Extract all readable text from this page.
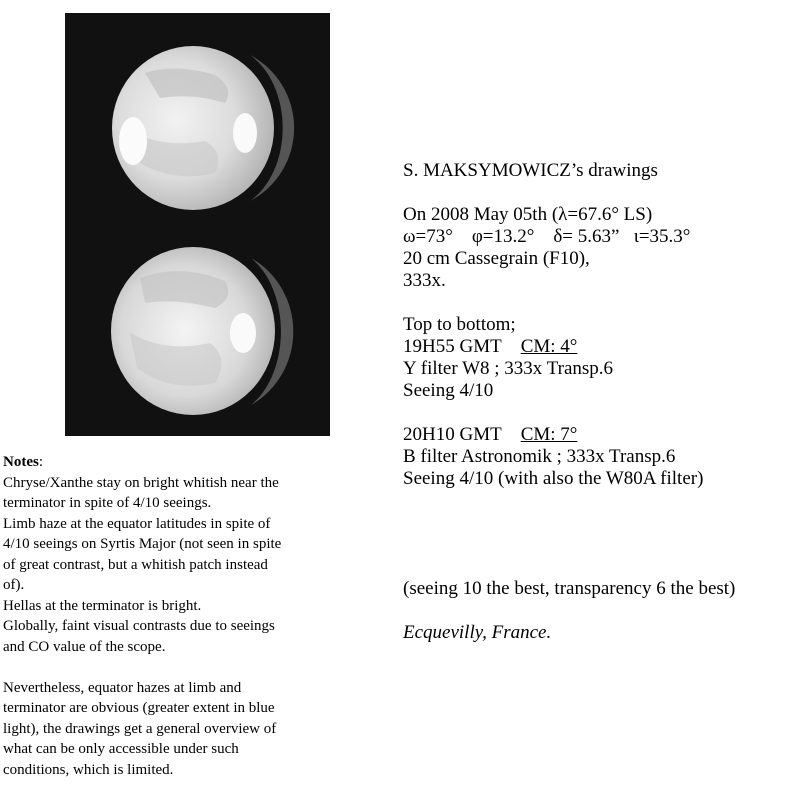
S. MAKSYMOWICZ’s drawings
On 2008 May 05th (λ=67.6° LS)
ω=73° φ=13.2° δ= 5.63” ι=35.3°
20 cm Cassegrain (F10),
333x.
Top to bottom;
19H55 GMT CM: 4°
Y filter W8 ; 333x Transp.6
Seeing 4/10
20H10 GMT CM: 7°
B filter Astronomik ; 333x Transp.6
Seeing 4/10 (with also the W80A filter)
(seeing 10 the best, transparency 6 the best)
Ecquevilly, France.
Notes:
Chryse/Xanthe stay on bright whitish near the
terminator in spite of 4/10 seeings.
Limb haze at the equator latitudes in spite of
4/10 seeings on Syrtis Major (not seen in spite
of great contrast, but a whitish patch instead
of).
Hellas at the terminator is bright.
Globally, faint visual contrasts due to seeings
and CO value of the scope.
Nevertheless, equator hazes at limb and
terminator are obvious (greater extent in blue
light), the drawings get a general overview of
what can be only accessible under such
conditions, which is limited.
